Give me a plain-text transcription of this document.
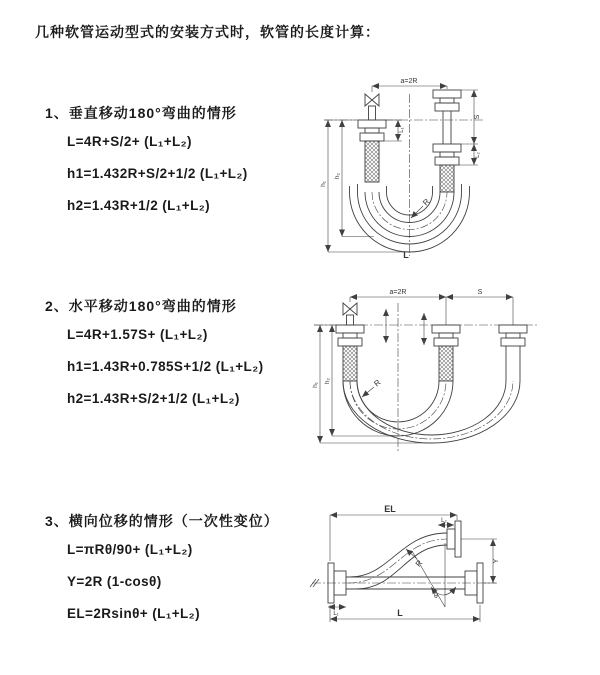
几种软管运动型式的安装方式时，软管的长度计算：
1、垂直移动180°弯曲的情形
L=4R+S/2+ (L₁+L₂)
h1=1.432R+S/2+1/2 (L₁+L₂)
h2=1.43R+1/2 (L₁+L₂)
2、水平移动180°弯曲的情形
L=4R+1.57S+ (L₁+L₂)
h1=1.43R+0.785S+1/2 (L₁+L₂)
h2=1.43R+S/2+1/2 (L₁+L₂)
3、横向位移的情形（一次性变位）
L=πRθ/90+ (L₁+L₂)
Y=2R (1-cosθ)
EL=2Rsinθ+ (L₁+L₂)
a=2R
h₁
h₂
S
L₁
L₂
R
L
a=2R	S
h₁
h₂	R
EL
L
Y
L₁
L₂
R
θ
